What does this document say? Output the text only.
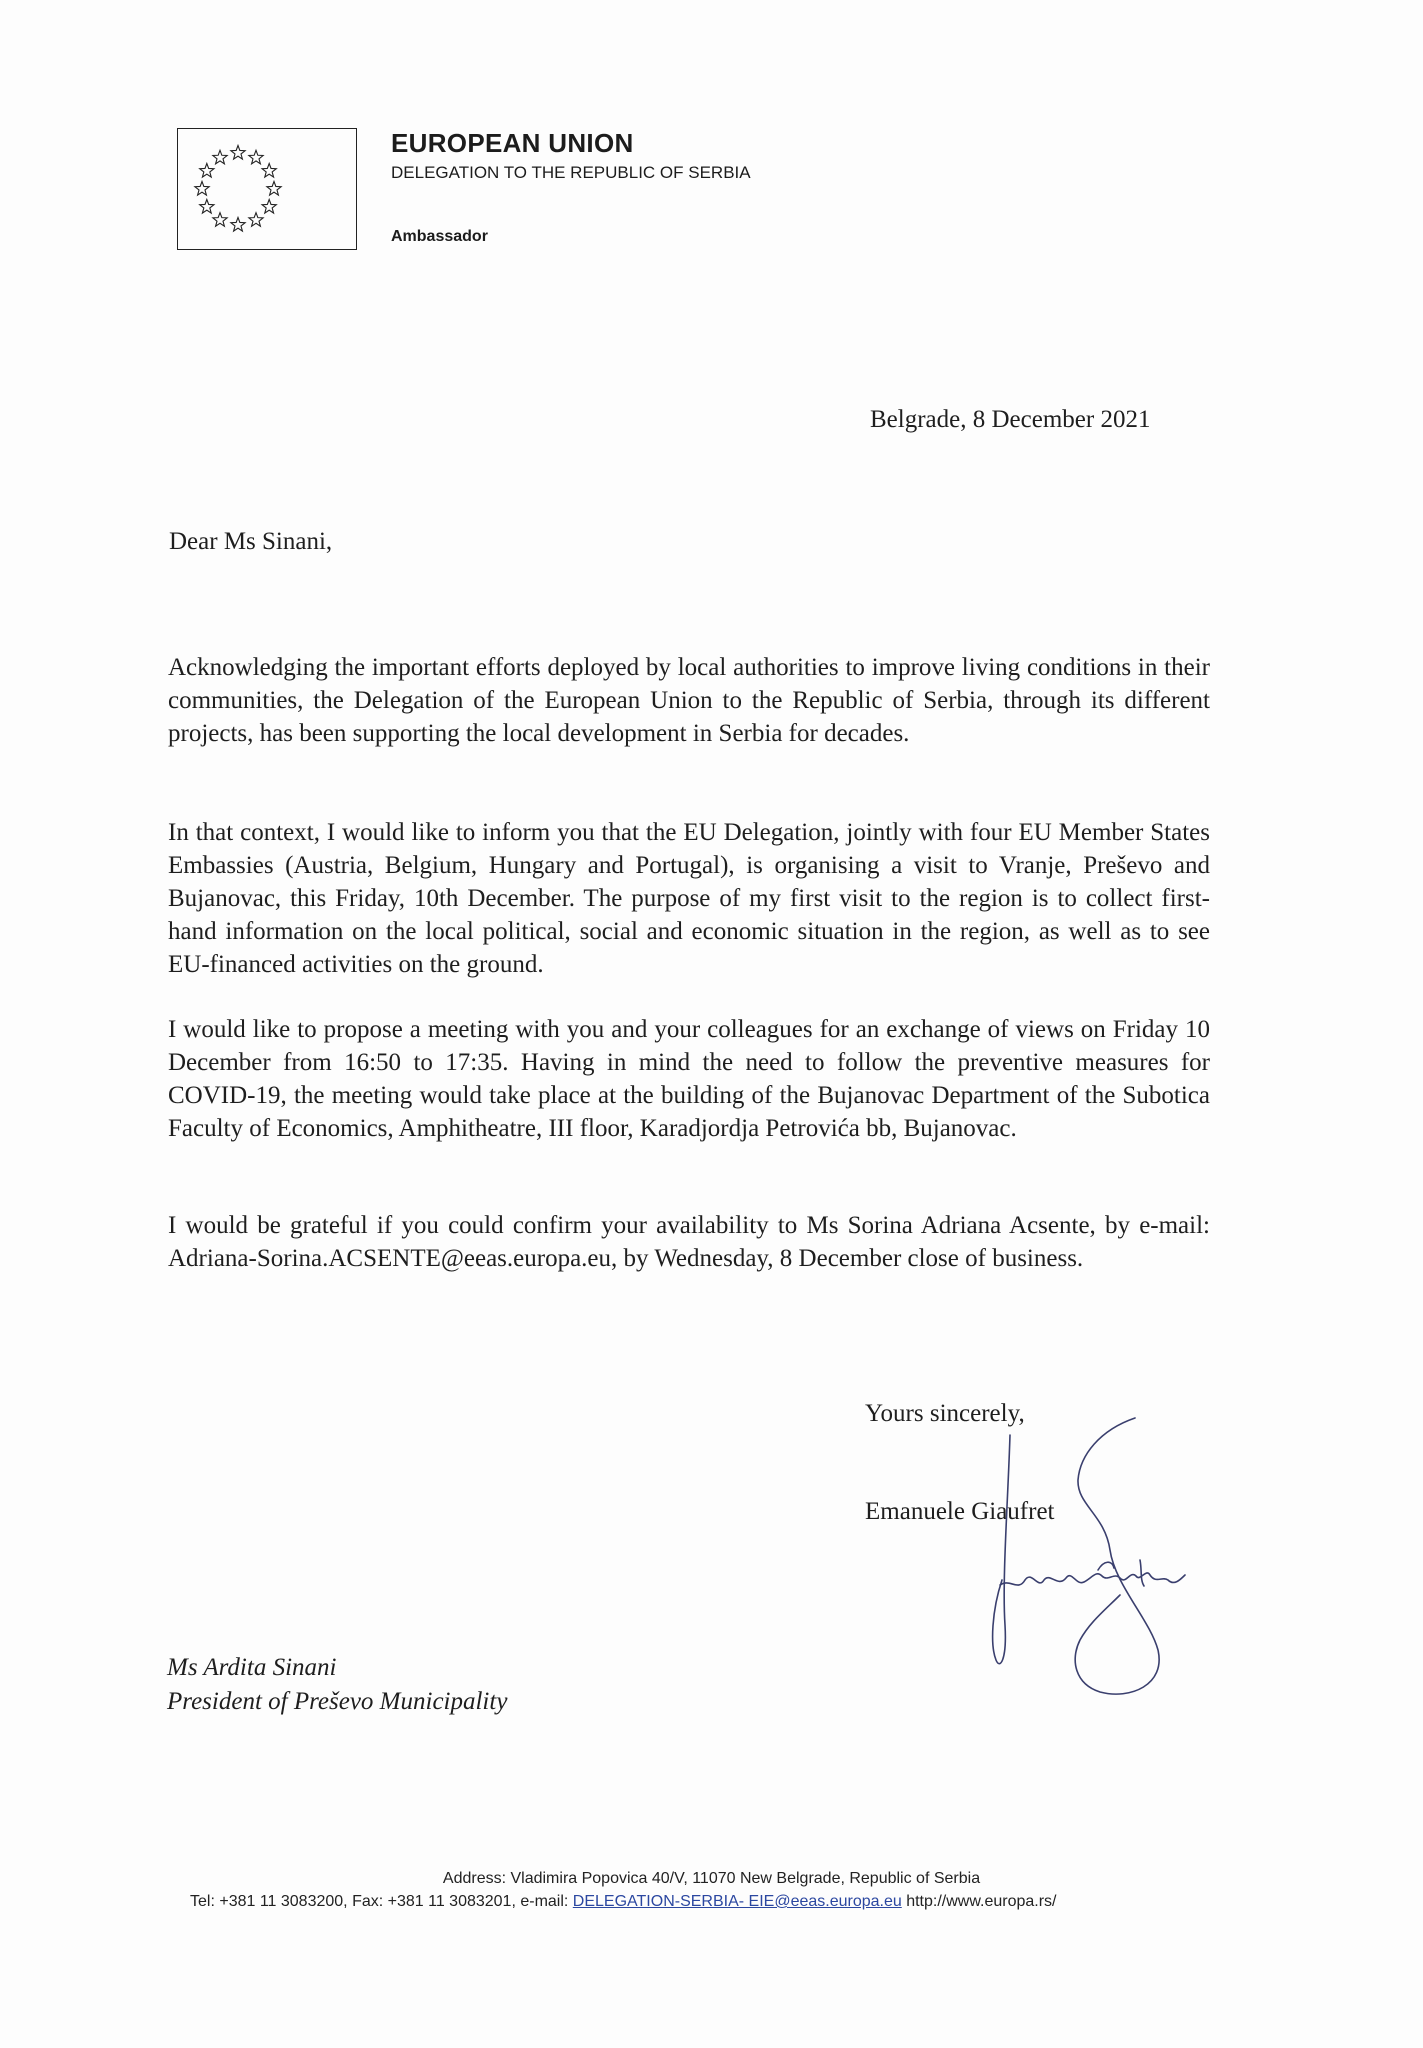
EUROPEAN UNION
DELEGATION TO THE REPUBLIC OF SERBIA
Ambassador
Belgrade, 8 December 2021
Dear Ms Sinani,
Acknowledging the important efforts deployed by local authorities to improve living conditions in their communities, the Delegation of the European Union to the Republic of Serbia, through its different projects, has been supporting the local development in Serbia for decades.
In that context, I would like to inform you that the EU Delegation, jointly with four EU Member States Embassies (Austria, Belgium, Hungary and Portugal), is organising a visit to Vranje, Preševo and Bujanovac, this Friday, 10th December. The purpose of my first visit to the region is to collect first-hand information on the local political, social and economic situation in the region, as well as to see EU-financed activities on the ground.
I would like to propose a meeting with you and your colleagues for an exchange of views on Friday 10 December from 16:50 to 17:35. Having in mind the need to follow the preventive measures for COVID-19, the meeting would take place at the building of the Bujanovac Department of the Subotica Faculty of Economics, Amphitheatre, III floor, Karadjordja Petrovića bb, Bujanovac.
I would be grateful if you could confirm your availability to Ms Sorina Adriana Acsente, by e-mail: Adriana-Sorina.ACSENTE@eeas.europa.eu, by Wednesday, 8 December close of business.
Yours sincerely,
Emanuele Giaufret
Ms Ardita Sinani
President of Preševo Municipality
Address: Vladimira Popovica 40/V, 11070 New Belgrade, Republic of Serbia
Tel: +381 11 3083200, Fax: +381 11 3083201, e-mail: DELEGATION-SERBIA- EIE@eeas.europa.eu http://www.europa.rs/
